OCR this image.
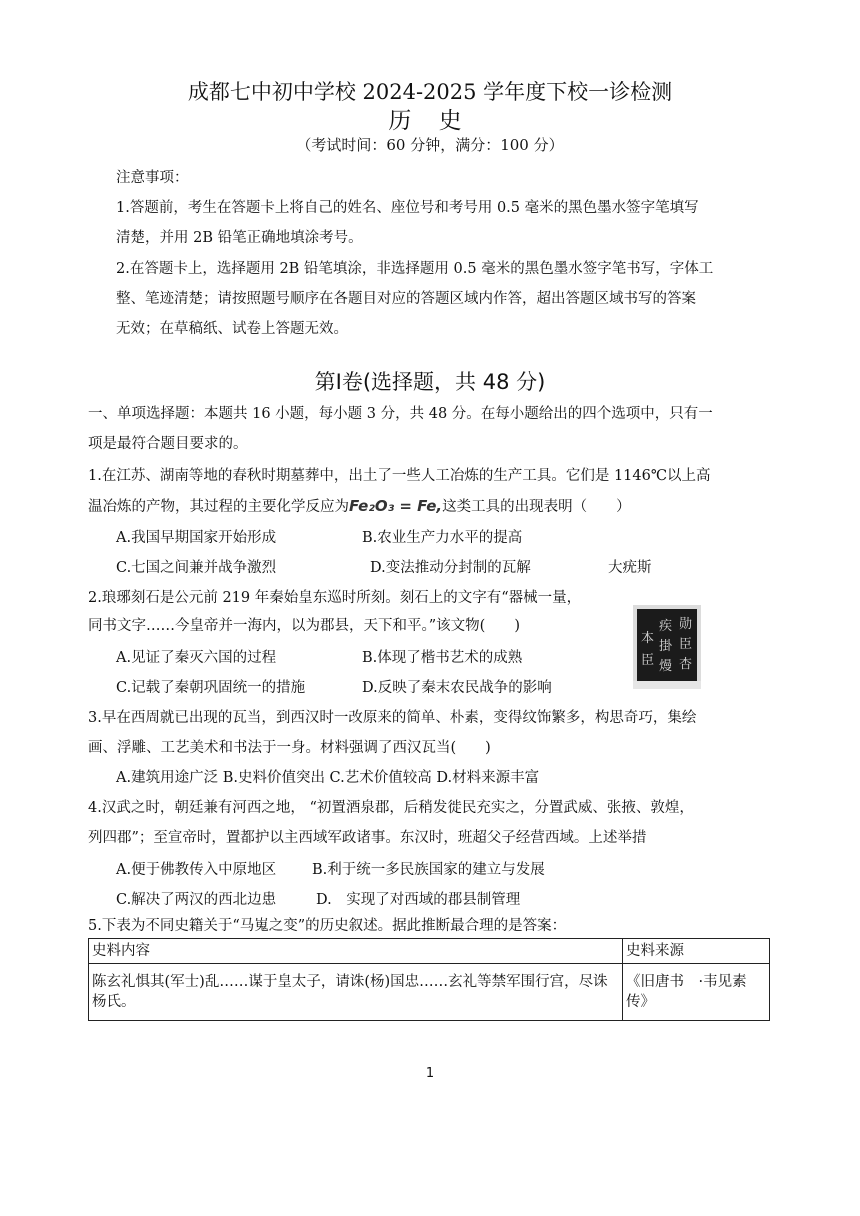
成都七中初中学校 2024-2025 学年度下校一诊检测
历 史
（考试时间：60 分钟，满分：100 分）
注意事项：
1.答题前，考生在答题卡上将自己的姓名、座位号和考号用 0.5 毫米的黑色墨水签字笔填写
清楚，并用 2B 铅笔正确地填涂考号。
2.在答题卡上，选择题用 2B 铅笔填涂，非选择题用 0.5 毫米的黑色墨水签字笔书写，字体工
整、笔迹清楚；请按照题号顺序在各题目对应的答题区域内作答，超出答题区域书写的答案
无效；在草稿纸、试卷上答题无效。
第Ⅰ卷(选择题，共 48 分)
一、单项选择题：本题共 16 小题，每小题 3 分，共 48 分。在每小题给出的四个选项中，只有一
项是最符合题目要求的。
1.在江苏、湖南等地的春秋时期墓葬中，出土了一些人工冶炼的生产工具。它们是 1146℃以上高
温冶炼的产物，其过程的主要化学反应为Fe₂O₃ = Fe,这类工具的出现表明（　　）
A.我国早期国家开始形成	B.农业生产力水平的提高
C.七国之间兼并战争激烈	D.变法推动分封制的瓦解	大疣斯
2.琅琊刻石是公元前 219 年秦始皇东巡时所刻。刻石上的文字有“器械一量，
同书文字……今皇帝并一海内，以为郡县，天下和平。”该文物(　　)
A.见证了秦灭六国的过程	B.体现了楷书艺术的成熟
C.记载了秦朝巩固统一的措施	D.反映了秦末农民战争的影响
本
疾 勋
臣
掛 臣
熳 杏
3.早在西周就已出现的瓦当，到西汉时一改原来的简单、朴素，变得纹饰繁多，构思奇巧，集绘
画、浮雕、工艺美术和书法于一身。材料强调了西汉瓦当(　　)
A.建筑用途广泛 B.史料价值突出 C.艺术价值较高 D.材料来源丰富
4.汉武之时，朝廷兼有河西之地， “初置酒泉郡，后稍发徙民充实之，分置武威、张掖、敦煌，
列四郡”；至宣帝时，置都护以主西域军政诸事。东汉时，班超父子经营西域。上述举措
A.便于佛教传入中原地区 B.利于统一多民族国家的建立与发展
C.解决了两汉的西北边患	D.　实现了对西域的郡县制管理
5.下表为不同史籍关于“马嵬之变”的历史叙述。据此推断最合理的是答案：
史料内容	史料来源
陈玄礼惧其(军士)乱……谋于皇太子，请诛(杨)国忠……玄礼等禁军围行宫，尽诛杨氏。	《旧唐书　·韦见素传》
1
